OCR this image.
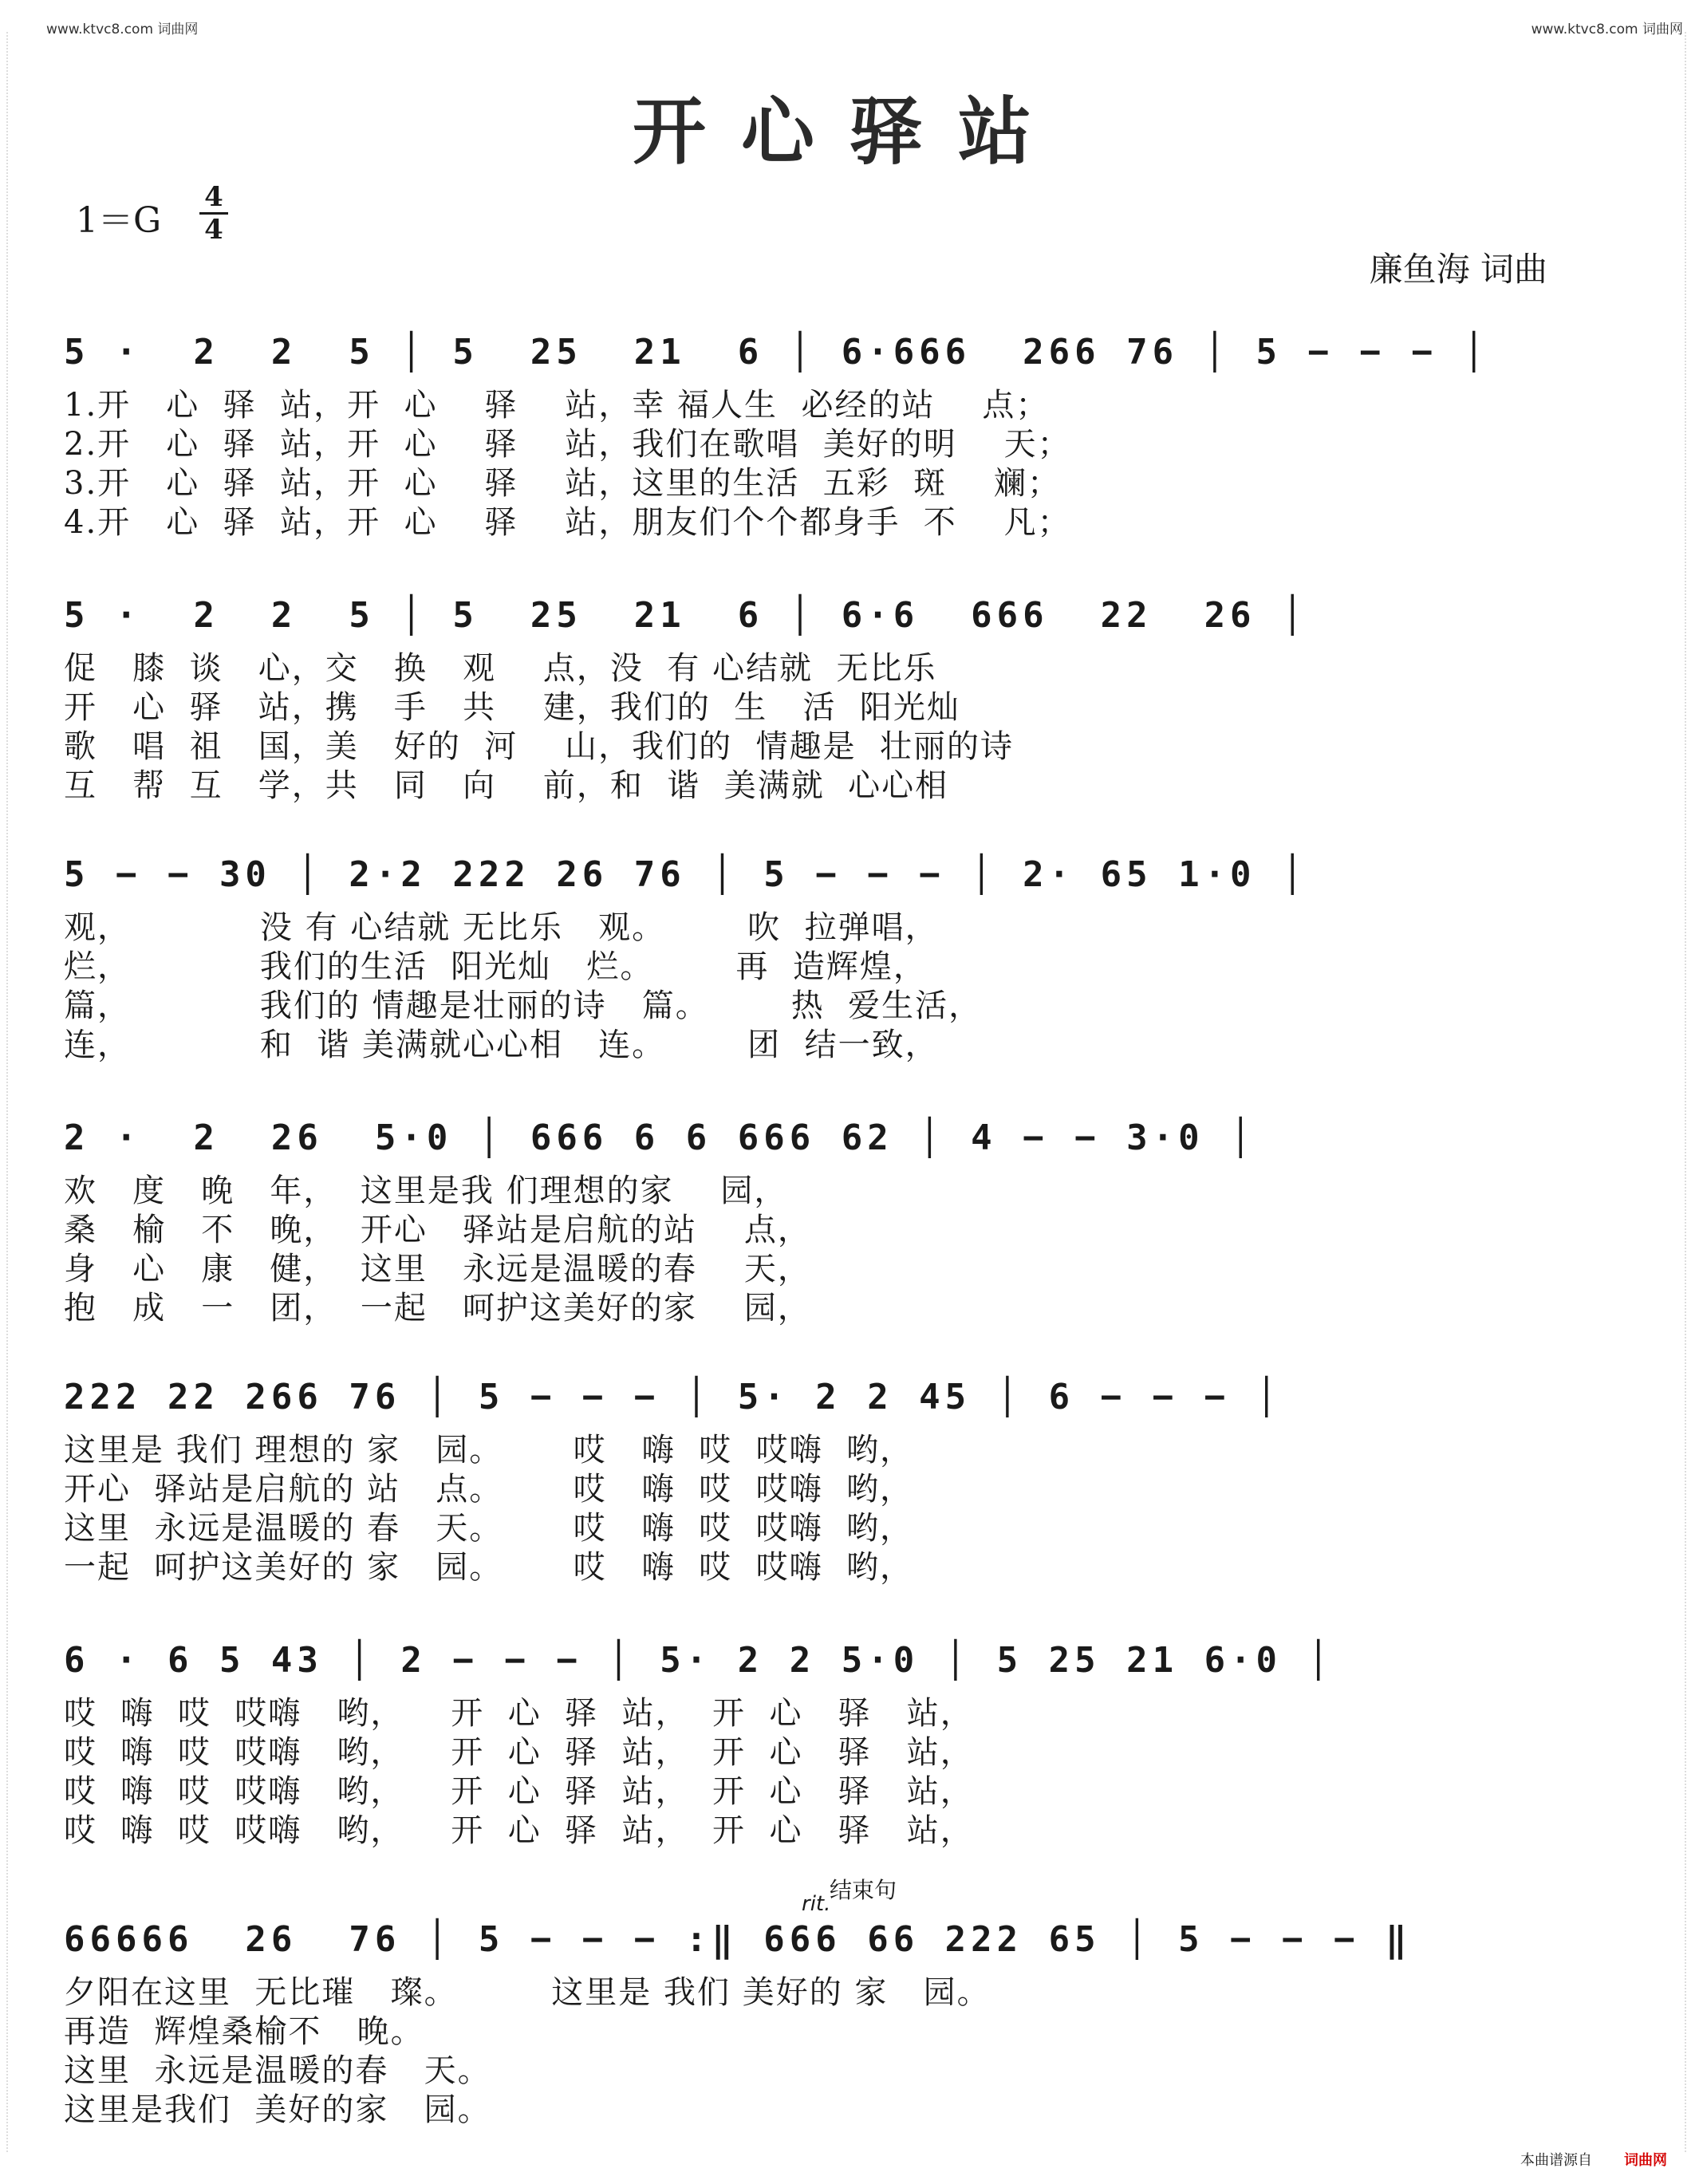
www.ktvc8.com 词曲网	www.ktvc8.com 词曲网
开心驿站
1＝G
4
4
廉鱼海 词曲

5 ·  2  2  5 │ 5  25  21  6 │ 6·666  266 76 │ 5 − − − │

1.开   心  驿  站，开  心    驿    站，幸 福人生  必经的站    点；
2.开   心  驿  站，开  心    驿    站，我们在歌唱  美好的明    天；
3.开   心  驿  站，开  心    驿    站，这里的生活  五彩  斑    斓；
4.开   心  驿  站，开  心    驿    站，朋友们个个都身手  不    凡；

5 ·  2  2  5 │ 5  25  21  6 │ 6·6  666  22  26 │

促   膝  谈   心，交   换   观    点，没  有 心结就  无比乐
开   心  驿   站，携   手   共    建，我们的  生   活  阳光灿
歌   唱  祖   国，美   好的  河    山，我们的  情趣是  壮丽的诗
互   帮  互   学，共   同   向    前，和  谐  美满就  心心相

5 − − 30 │ 2·2 222 26 76 │ 5 − − − │ 2· 65 1·0 │

观，           没 有 心结就 无比乐   观。       吹  拉弹唱，
烂，           我们的生活  阳光灿   烂。       再  造辉煌，
篇，           我们的 情趣是壮丽的诗   篇。       热  爱生活，
连，           和  谐 美满就心心相   连。       团  结一致，

2 ·  2  26  5·0 │ 666 6 6 666 62 │ 4 − − 3·0 │

欢   度   晚   年，  这里是我 们理想的家    园，
桑   榆   不   晚，  开心   驿站是启航的站    点，
身   心   康   健，  这里   永远是温暖的春    天，
抱   成   一   团，  一起   呵护这美好的家    园，

222 22 266 76 │ 5 − − − │ 5· 2 2 45 │ 6 − − − │

这里是 我们 理想的 家   园。      哎   嗨  哎  哎嗨  哟，
开心  驿站是启航的 站   点。      哎   嗨  哎  哎嗨  哟，
这里  永远是温暖的 春   天。      哎   嗨  哎  哎嗨  哟，
一起  呵护这美好的 家   园。      哎   嗨  哎  哎嗨  哟，

6 · 6 5 43 │ 2 − − − │ 5· 2 2 5·0 │ 5 25 21 6·0 │

哎  嗨  哎  哎嗨   哟，    开  心  驿  站，  开  心   驿   站，
哎  嗨  哎  哎嗨   哟，    开  心  驿  站，  开  心   驿   站，
哎  嗨  哎  哎嗨   哟，    开  心  驿  站，  开  心   驿   站，
哎  嗨  哎  哎嗨   哟，    开  心  驿  站，  开  心   驿   站，
结束句
rit.

66666  26  76 │ 5 − − − :‖ 666 66 222 65 │ 5 − − − ‖

夕阳在这里  无比璀   璨。        这里是 我们 美好的 家   园。
再造  辉煌桑榆不   晚。
这里  永远是温暖的春   天。
这里是我们  美好的家   园。
本曲谱源自 词曲网
